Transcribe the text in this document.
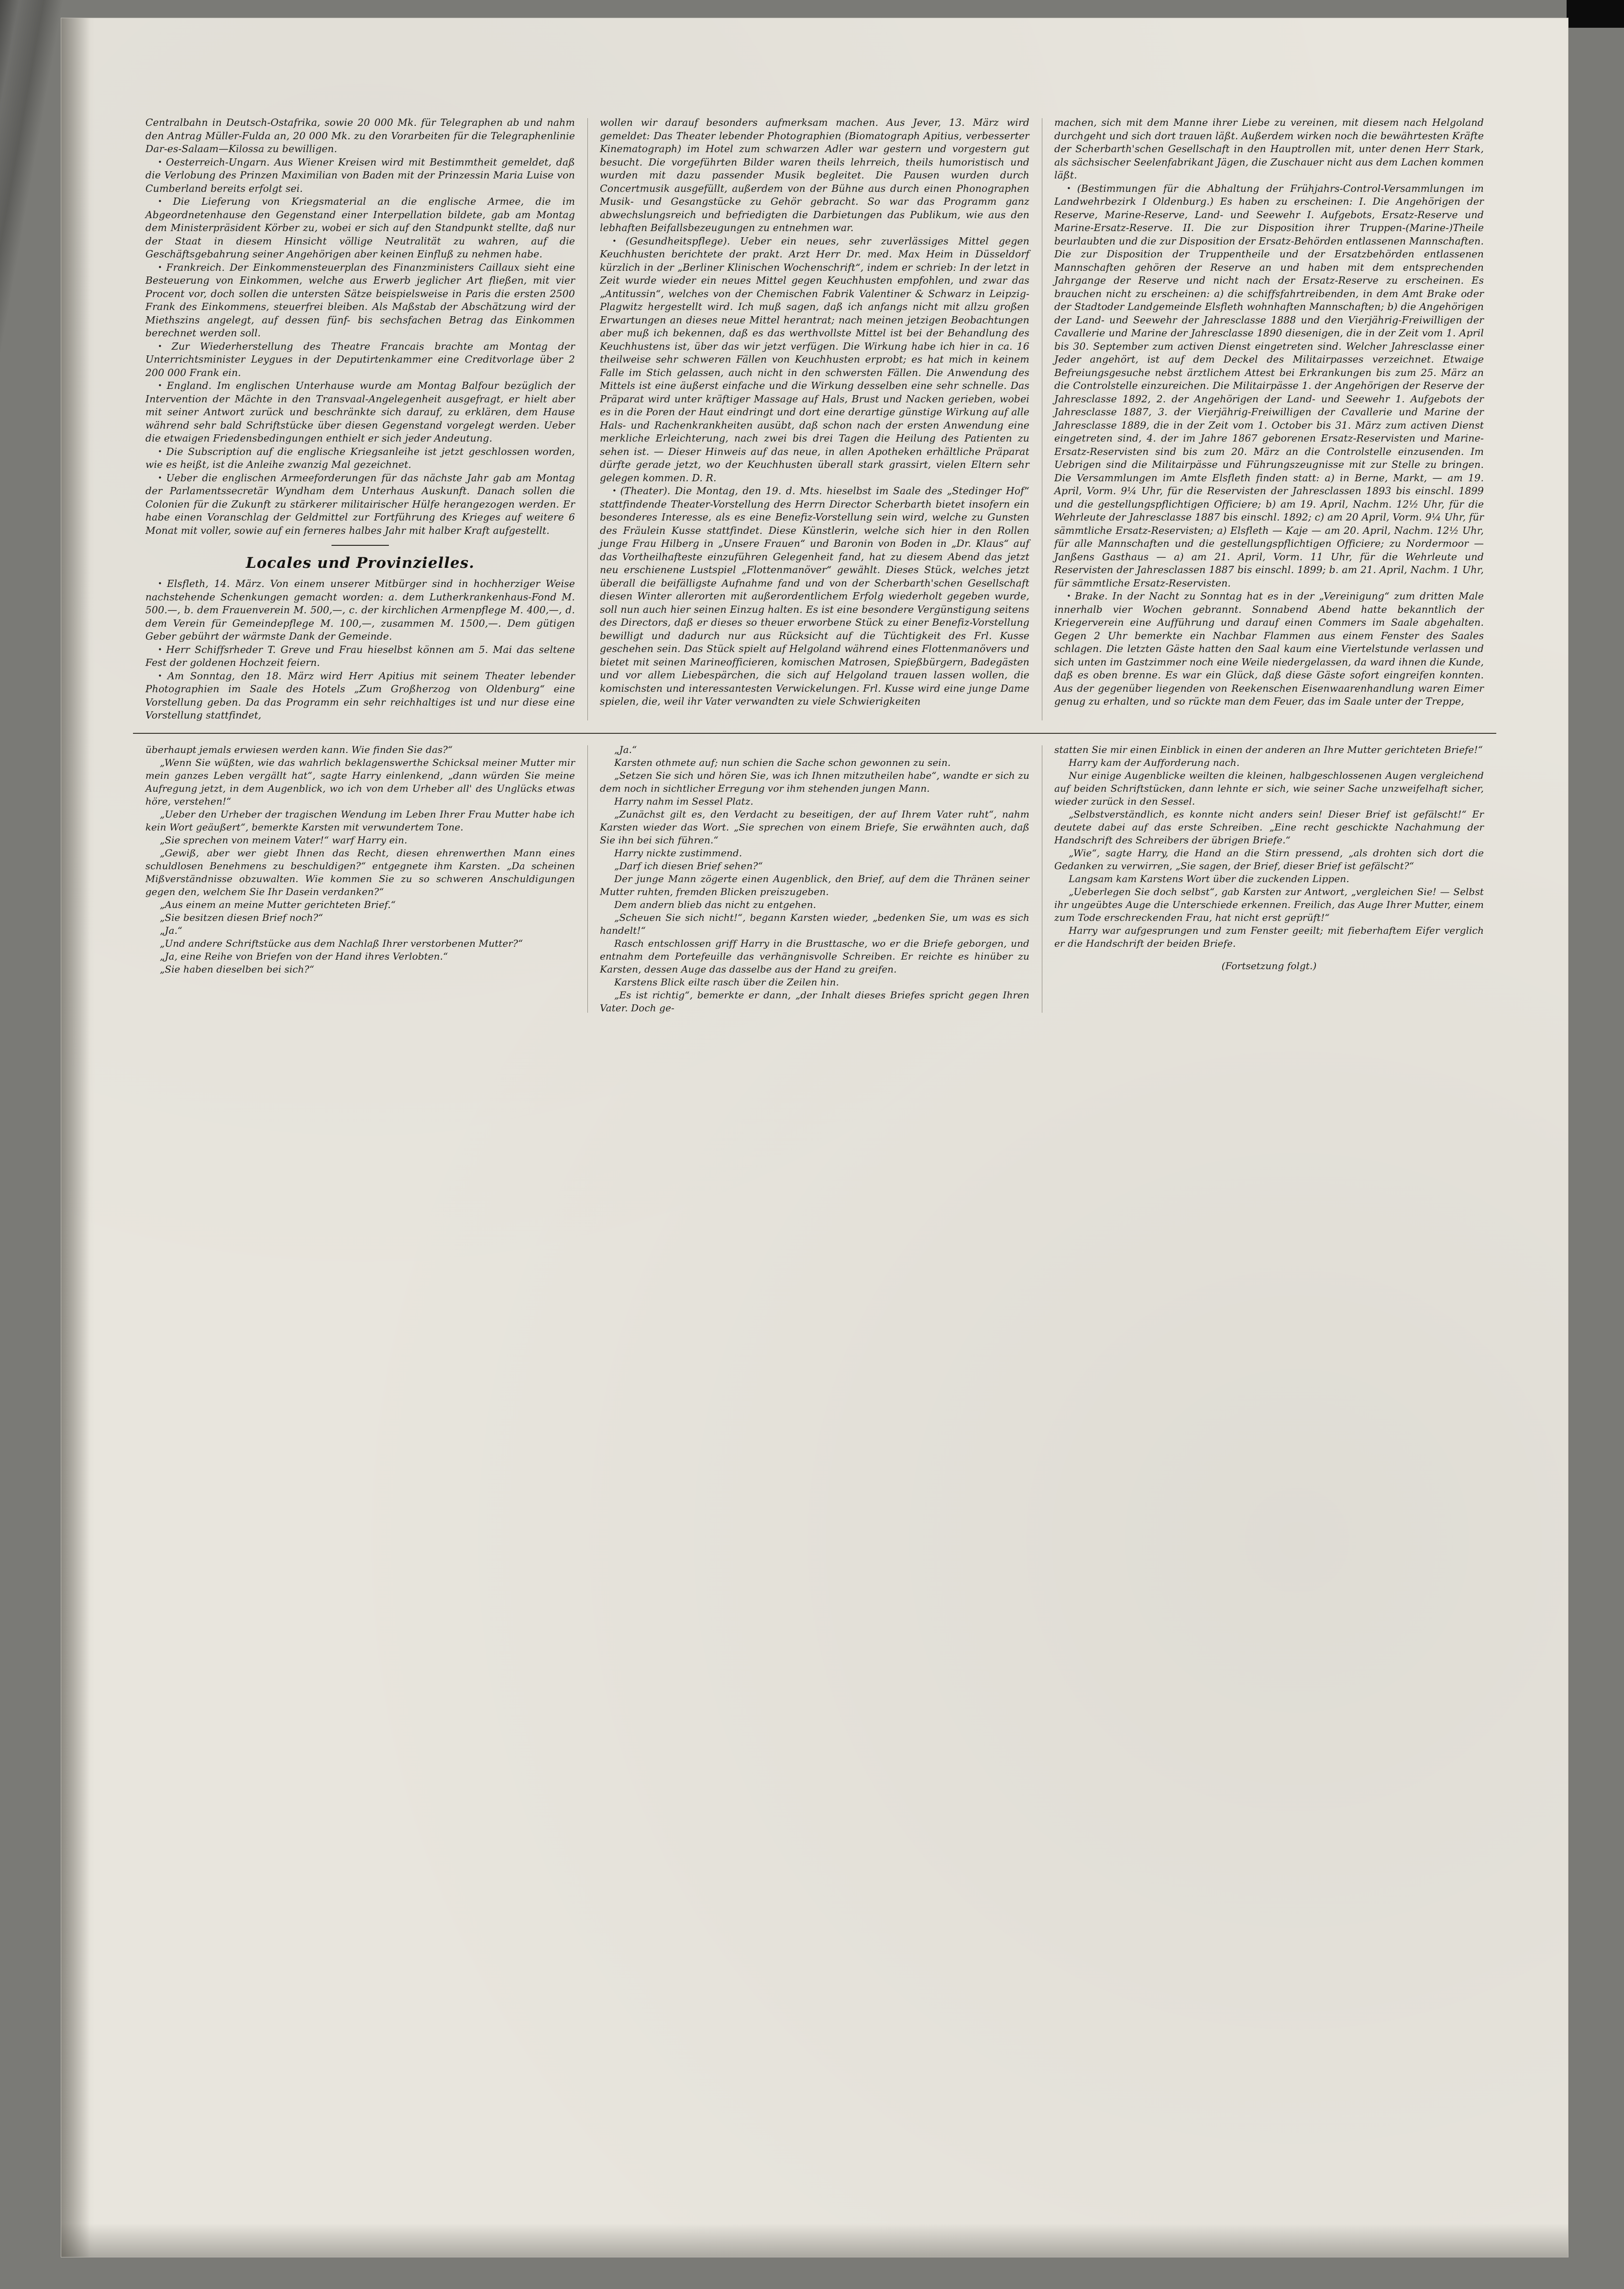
Centralbahn in Deutsch-Ostafrika, sowie 20 000 Mk. für Telegraphen ab und nahm den Antrag Müller-Fulda an, 20 000 Mk. zu den Vorarbeiten für die Telegraphenlinie Dar-es-Salaam—Kilossa zu bewilligen.

• Oesterreich-Ungarn. Aus Wiener Kreisen wird mit Bestimmtheit gemeldet, daß die Verlobung des Prinzen Maximilian von Baden mit der Prinzessin Maria Luise von Cumberland bereits erfolgt sei.

• Die Lieferung von Kriegsmaterial an die englische Armee, die im Abgeordnetenhause den Gegenstand einer Interpellation bildete, gab am Montag dem Ministerpräsident Körber zu, wobei er sich auf den Standpunkt stellte, daß nur der Staat in diesem Hinsicht völlige Neutralität zu wahren, auf die Geschäftsgebahrung seiner Angehörigen aber keinen Einfluß zu nehmen habe.

• Frankreich. Der Einkommensteuerplan des Finanzministers Caillaux sieht eine Besteuerung von Einkommen, welche aus Erwerb jeglicher Art fließen, mit vier Procent vor, doch sollen die untersten Sätze beispielsweise in Paris die ersten 2500 Frank des Einkommens, steuerfrei bleiben. Als Maßstab der Abschätzung wird der Miethszins angelegt, auf dessen fünf- bis sechsfachen Betrag das Einkommen berechnet werden soll.

• Zur Wiederherstellung des Theatre Francais brachte am Montag der Unterrichtsminister Leygues in der Deputirtenkammer eine Creditvorlage über 2 200 000 Frank ein.

• England. Im englischen Unterhause wurde am Montag Balfour bezüglich der Intervention der Mächte in den Transvaal-Angelegenheit ausgefragt, er hielt aber mit seiner Antwort zurück und beschränkte sich darauf, zu erklären, dem Hause während sehr bald Schriftstücke über diesen Gegenstand vorgelegt werden. Ueber die etwaigen Friedensbedingungen enthielt er sich jeder Andeutung.

• Die Subscription auf die englische Kriegsanleihe ist jetzt geschlossen worden, wie es heißt, ist die Anleihe zwanzig Mal gezeichnet.

• Ueber die englischen Armeeforderungen für das nächste Jahr gab am Montag der Parlamentssecretär Wyndham dem Unterhaus Auskunft. Danach sollen die Colonien für die Zukunft zu stärkerer militairischer Hülfe herangezogen werden. Er habe einen Voranschlag der Geldmittel zur Fortführung des Krieges auf weitere 6 Monat mit voller, sowie auf ein ferneres halbes Jahr mit halber Kraft aufgestellt.

Locales und Provinzielles.

• Elsfleth, 14. März. Von einem unserer Mitbürger sind in hochherziger Weise nachstehende Schenkungen gemacht worden: a. dem Lutherkrankenhaus-Fond M. 500.—, b. dem Frauenverein M. 500,—, c. der kirchlichen Armenpflege M. 400,—, d. dem Verein für Gemeindepflege M. 100,—, zusammen M. 1500,—. Dem gütigen Geber gebührt der wärmste Dank der Gemeinde.

• Herr Schiffsrheder T. Greve und Frau hieselbst können am 5. Mai das seltene Fest der goldenen Hochzeit feiern.

• Am Sonntag, den 18. März wird Herr Apitius mit seinem Theater lebender Photographien im Saale des Hotels „Zum Großherzog von Oldenburg“ eine Vorstellung geben. Da das Programm ein sehr reichhaltiges ist und nur diese eine Vorstellung stattfindet,

wollen wir darauf besonders aufmerksam machen. Aus Jever, 13. März wird gemeldet: Das Theater lebender Photographien (Biomatograph Apitius, verbesserter Kinematograph) im Hotel zum schwarzen Adler war gestern und vorgestern gut besucht. Die vorgeführten Bilder waren theils lehrreich, theils humoristisch und wurden mit dazu passender Musik begleitet. Die Pausen wurden durch Concertmusik ausgefüllt, außerdem von der Bühne aus durch einen Phonographen Musik- und Gesangstücke zu Gehör gebracht. So war das Programm ganz abwechslungsreich und befriedigten die Darbietungen das Publikum, wie aus den lebhaften Beifallsbezeugungen zu entnehmen war.

• (Gesundheitspflege). Ueber ein neues, sehr zuverlässiges Mittel gegen Keuchhusten berichtete der prakt. Arzt Herr Dr. med. Max Heim in Düsseldorf kürzlich in der „Berliner Klinischen Wochenschrift“, indem er schrieb: In der letzt in Zeit wurde wieder ein neues Mittel gegen Keuchhusten empfohlen, und zwar das „Antitussin“, welches von der Chemischen Fabrik Valentiner & Schwarz in Leipzig-Plagwitz hergestellt wird. Ich muß sagen, daß ich anfangs nicht mit allzu großen Erwartungen an dieses neue Mittel herantrat; nach meinen jetzigen Beobachtungen aber muß ich bekennen, daß es das werthvollste Mittel ist bei der Behandlung des Keuchhustens ist, über das wir jetzt verfügen. Die Wirkung habe ich hier in ca. 16 theilweise sehr schweren Fällen von Keuchhusten erprobt; es hat mich in keinem Falle im Stich gelassen, auch nicht in den schwersten Fällen. Die Anwendung des Mittels ist eine äußerst einfache und die Wirkung desselben eine sehr schnelle. Das Präparat wird unter kräftiger Massage auf Hals, Brust und Nacken gerieben, wobei es in die Poren der Haut eindringt und dort eine derartige günstige Wirkung auf alle Hals- und Rachenkrankheiten ausübt, daß schon nach der ersten Anwendung eine merkliche Erleichterung, nach zwei bis drei Tagen die Heilung des Patienten zu sehen ist. — Dieser Hinweis auf das neue, in allen Apotheken erhältliche Präparat dürfte gerade jetzt, wo der Keuchhusten überall stark grassirt, vielen Eltern sehr gelegen kommen. D. R.

• (Theater). Die Montag, den 19. d. Mts. hieselbst im Saale des „Stedinger Hof“ stattfindende Theater-Vorstellung des Herrn Director Scherbarth bietet insofern ein besonderes Interesse, als es eine Benefiz-Vorstellung sein wird, welche zu Gunsten des Fräulein Kusse stattfindet. Diese Künstlerin, welche sich hier in den Rollen junge Frau Hilberg in „Unsere Frauen“ und Baronin von Boden in „Dr. Klaus“ auf das Vortheilhafteste einzuführen Gelegenheit fand, hat zu diesem Abend das jetzt neu erschienene Lustspiel „Flottenmanöver“ gewählt. Dieses Stück, welches jetzt überall die beifälligste Aufnahme fand und von der Scherbarth'schen Gesellschaft diesen Winter allerorten mit außerordentlichem Erfolg wiederholt gegeben wurde, soll nun auch hier seinen Einzug halten. Es ist eine besondere Vergünstigung seitens des Directors, daß er dieses so theuer erworbene Stück zu einer Benefiz-Vorstellung bewilligt und dadurch nur aus Rücksicht auf die Tüchtigkeit des Frl. Kusse geschehen sein. Das Stück spielt auf Helgoland während eines Flottenmanövers und bietet mit seinen Marineofficieren, komischen Matrosen, Spießbürgern, Badegästen und vor allem Liebespärchen, die sich auf Helgoland trauen lassen wollen, die komischsten und interessantesten Verwickelungen. Frl. Kusse wird eine junge Dame spielen, die, weil ihr Vater verwandten zu viele Schwierigkeiten

machen, sich mit dem Manne ihrer Liebe zu vereinen, mit diesem nach Helgoland durchgeht und sich dort trauen läßt. Außerdem wirken noch die bewährtesten Kräfte der Scherbarth'schen Gesellschaft in den Hauptrollen mit, unter denen Herr Stark, als sächsischer Seelenfabrikant Jägen, die Zuschauer nicht aus dem Lachen kommen läßt.

• (Bestimmungen für die Abhaltung der Frühjahrs-Control-Versammlungen im Landwehrbezirk I Oldenburg.) Es haben zu erscheinen: I. Die Angehörigen der Reserve, Marine-Reserve, Land- und Seewehr I. Aufgebots, Ersatz-Reserve und Marine-Ersatz-Reserve. II. Die zur Disposition ihrer Truppen-(Marine-)Theile beurlaubten und die zur Disposition der Ersatz-Behörden entlassenen Mannschaften. Die zur Disposition der Truppentheile und der Ersatzbehörden entlassenen Mannschaften gehören der Reserve an und haben mit dem entsprechenden Jahrgange der Reserve und nicht nach der Ersatz-Reserve zu erscheinen. Es brauchen nicht zu erscheinen: a) die schiffsfahrtreibenden, in dem Amt Brake oder der Stadtoder Landgemeinde Elsfleth wohnhaften Mannschaften; b) die Angehörigen der Land- und Seewehr der Jahresclasse 1888 und den Vierjährig-Freiwilligen der Cavallerie und Marine der Jahresclasse 1890 diesenigen, die in der Zeit vom 1. April bis 30. September zum activen Dienst eingetreten sind. Welcher Jahresclasse einer Jeder angehört, ist auf dem Deckel des Militairpasses verzeichnet. Etwaige Befreiungsgesuche nebst ärztlichem Attest bei Erkrankungen bis zum 25. März an die Controlstelle einzureichen. Die Militairpässe 1. der Angehörigen der Reserve der Jahresclasse 1892, 2. der Angehörigen der Land- und Seewehr 1. Aufgebots der Jahresclasse 1887, 3. der Vierjährig-Freiwilligen der Cavallerie und Marine der Jahresclasse 1889, die in der Zeit vom 1. October bis 31. März zum activen Dienst eingetreten sind, 4. der im Jahre 1867 geborenen Ersatz-Reservisten und Marine-Ersatz-Reservisten sind bis zum 20. März an die Controlstelle einzusenden. Im Uebrigen sind die Militairpässe und Führungszeugnisse mit zur Stelle zu bringen. Die Versammlungen im Amte Elsfleth finden statt: a) in Berne, Markt, — am 19. April, Vorm. 9¼ Uhr, für die Reservisten der Jahresclassen 1893 bis einschl. 1899 und die gestellungspflichtigen Officiere; b) am 19. April, Nachm. 12½ Uhr, für die Wehrleute der Jahresclasse 1887 bis einschl. 1892; c) am 20 April, Vorm. 9¼ Uhr, für sämmtliche Ersatz-Reservisten; a) Elsfleth — Kaje — am 20. April, Nachm. 12½ Uhr, für alle Mannschaften und die gestellungspflichtigen Officiere; zu Nordermoor — Janßens Gasthaus — a) am 21. April, Vorm. 11 Uhr, für die Wehrleute und Reservisten der Jahresclassen 1887 bis einschl. 1899; b. am 21. April, Nachm. 1 Uhr, für sämmtliche Ersatz-Reservisten.

• Brake. In der Nacht zu Sonntag hat es in der „Vereinigung“ zum dritten Male innerhalb vier Wochen gebrannt. Sonnabend Abend hatte bekanntlich der Kriegerverein eine Aufführung und darauf einen Commers im Saale abgehalten. Gegen 2 Uhr bemerkte ein Nachbar Flammen aus einem Fenster des Saales schlagen. Die letzten Gäste hatten den Saal kaum eine Viertelstunde verlassen und sich unten im Gastzimmer noch eine Weile niedergelassen, da ward ihnen die Kunde, daß es oben brenne. Es war ein Glück, daß diese Gäste sofort eingreifen konnten. Aus der gegenüber liegenden von Reekenschen Eisenwaarenhandlung waren Eimer genug zu erhalten, und so rückte man dem Feuer, das im Saale unter der Treppe,

überhaupt jemals erwiesen werden kann. Wie finden Sie das?“

„Wenn Sie wüßten, wie das wahrlich beklagenswerthe Schicksal meiner Mutter mir mein ganzes Leben vergällt hat“, sagte Harry einlenkend, „dann würden Sie meine Aufregung jetzt, in dem Augenblick, wo ich von dem Urheber all' des Unglücks etwas höre, verstehen!“

„Ueber den Urheber der tragischen Wendung im Leben Ihrer Frau Mutter habe ich kein Wort geäußert“, bemerkte Karsten mit verwundertem Tone.

„Sie sprechen von meinem Vater!“ warf Harry ein.

„Gewiß, aber wer giebt Ihnen das Recht, diesen ehrenwerthen Mann eines schuldlosen Benehmens zu beschuldigen?“ entgegnete ihm Karsten. „Da scheinen Mißverständnisse obzuwalten. Wie kommen Sie zu so schweren Anschuldigungen gegen den, welchem Sie Ihr Dasein verdanken?“

„Aus einem an meine Mutter gerichteten Brief.“

„Sie besitzen diesen Brief noch?“

„Ja.“

„Und andere Schriftstücke aus dem Nachlaß Ihrer verstorbenen Mutter?“

„Ja, eine Reihe von Briefen von der Hand ihres Verlobten.“

„Sie haben dieselben bei sich?“

„Ja.“

Karsten othmete auf; nun schien die Sache schon gewonnen zu sein.

„Setzen Sie sich und hören Sie, was ich Ihnen mitzutheilen habe“, wandte er sich zu dem noch in sichtlicher Erregung vor ihm stehenden jungen Mann.

Harry nahm im Sessel Platz.

„Zunächst gilt es, den Verdacht zu beseitigen, der auf Ihrem Vater ruht“, nahm Karsten wieder das Wort. „Sie sprechen von einem Briefe, Sie erwähnten auch, daß Sie ihn bei sich führen.“

Harry nickte zustimmend.

„Darf ich diesen Brief sehen?“

Der junge Mann zögerte einen Augenblick, den Brief, auf dem die Thränen seiner Mutter ruhten, fremden Blicken preiszugeben.

Dem andern blieb das nicht zu entgehen.

„Scheuen Sie sich nicht!“, begann Karsten wieder, „bedenken Sie, um was es sich handelt!“

Rasch entschlossen griff Harry in die Brusttasche, wo er die Briefe geborgen, und entnahm dem Portefeuille das verhängnisvolle Schreiben. Er reichte es hinüber zu Karsten, dessen Auge das dasselbe aus der Hand zu greifen.

Karstens Blick eilte rasch über die Zeilen hin.

„Es ist richtig“, bemerkte er dann, „der Inhalt dieses Briefes spricht gegen Ihren Vater. Doch ge-

statten Sie mir einen Einblick in einen der anderen an Ihre Mutter gerichteten Briefe!“

Harry kam der Aufforderung nach.

Nur einige Augenblicke weilten die kleinen, halbgeschlossenen Augen vergleichend auf beiden Schriftstücken, dann lehnte er sich, wie seiner Sache unzweifelhaft sicher, wieder zurück in den Sessel.

„Selbstverständlich, es konnte nicht anders sein! Dieser Brief ist gefälscht!“ Er deutete dabei auf das erste Schreiben. „Eine recht geschickte Nachahmung der Handschrift des Schreibers der übrigen Briefe.“

„Wie“, sagte Harry, die Hand an die Stirn pressend, „als drohten sich dort die Gedanken zu verwirren, „Sie sagen, der Brief, dieser Brief ist gefälscht?“

Langsam kam Karstens Wort über die zuckenden Lippen.

„Ueberlegen Sie doch selbst“, gab Karsten zur Antwort, „vergleichen Sie! — Selbst ihr ungeübtes Auge die Unterschiede erkennen. Freilich, das Auge Ihrer Mutter, einem zum Tode erschreckenden Frau, hat nicht erst geprüft!“

Harry war aufgesprungen und zum Fenster geeilt; mit fieberhaftem Eifer verglich er die Handschrift der beiden Briefe.

(Fortsetzung folgt.)
